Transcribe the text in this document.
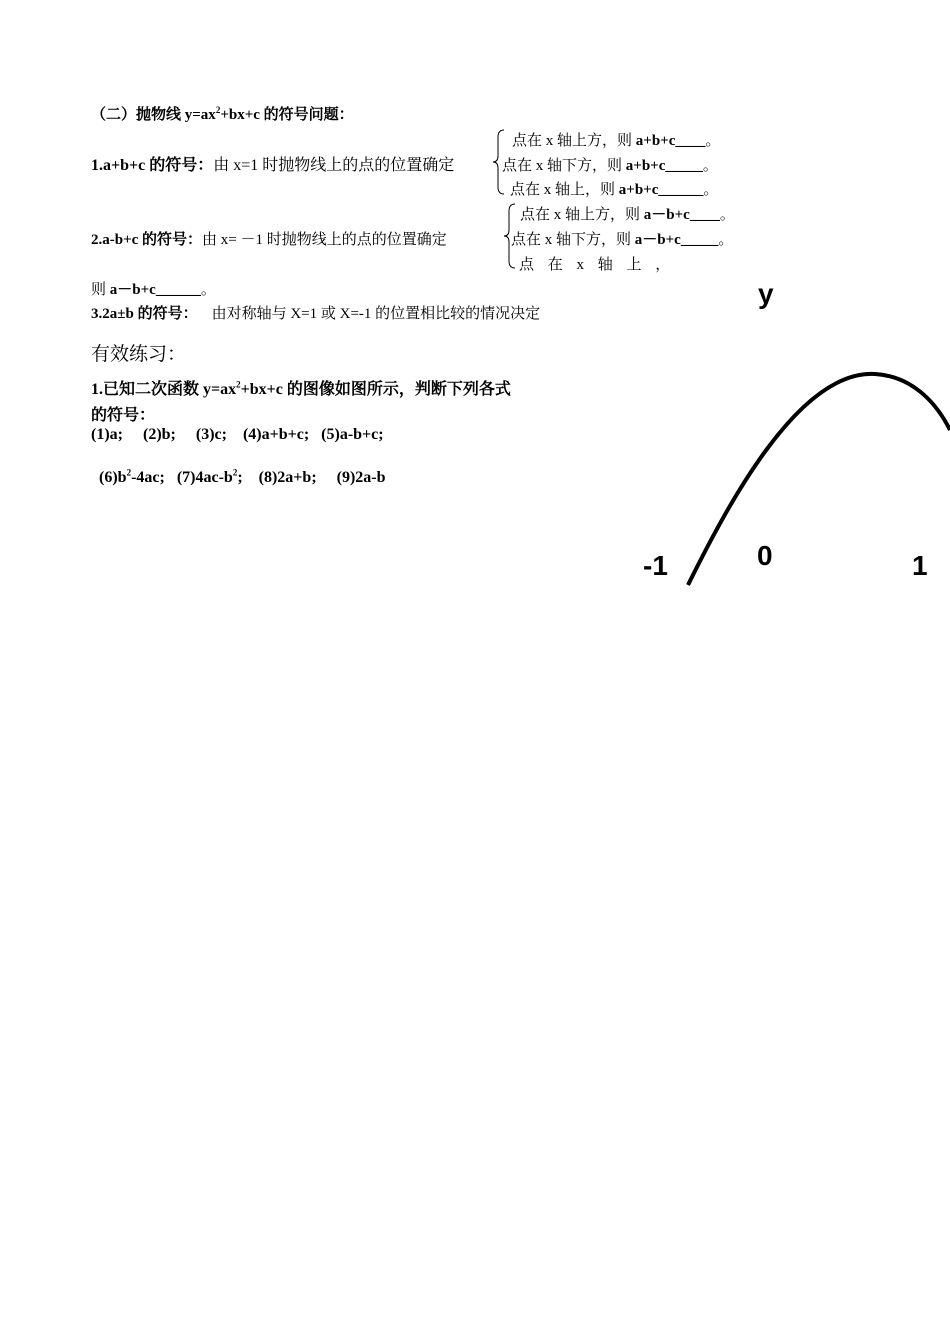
（二）抛物线 $y=ax^2+bx+c$ 的符号问题：
1.a+b+c 的符号：由 x=1 时抛物线上的点的位置确定
点在 x 轴上方，则 a+b+c____。
点在 x 轴下方，则 a+b+c_____。
点在 x 轴上，则 a+b+c______。
2.a-b+c 的符号：由 x= －1 时抛物线上的点的位置确定
点在 x 轴上方，则 a－b+c____。
点在 x 轴下方，则 a－b+c_____。
点 在 x 轴 上 ，
则 a－b+c______。
3.2a±b 的符号： 由对称轴与 X=1 或 X=-1 的位置相比较的情况决定
有效练习：
1.已知二次函数 $y=ax^2+bx+c$ 的图像如图所示，判断下列各式
的符号：
(1)a;     (2)b;     (3)c;    (4)a+b+c;   (5)a-b+c;

$(6)b^2-4ac$;   $(7)4ac-b^2$;    (8)2a+b;     (9)2a-b

y
-1	0	1
